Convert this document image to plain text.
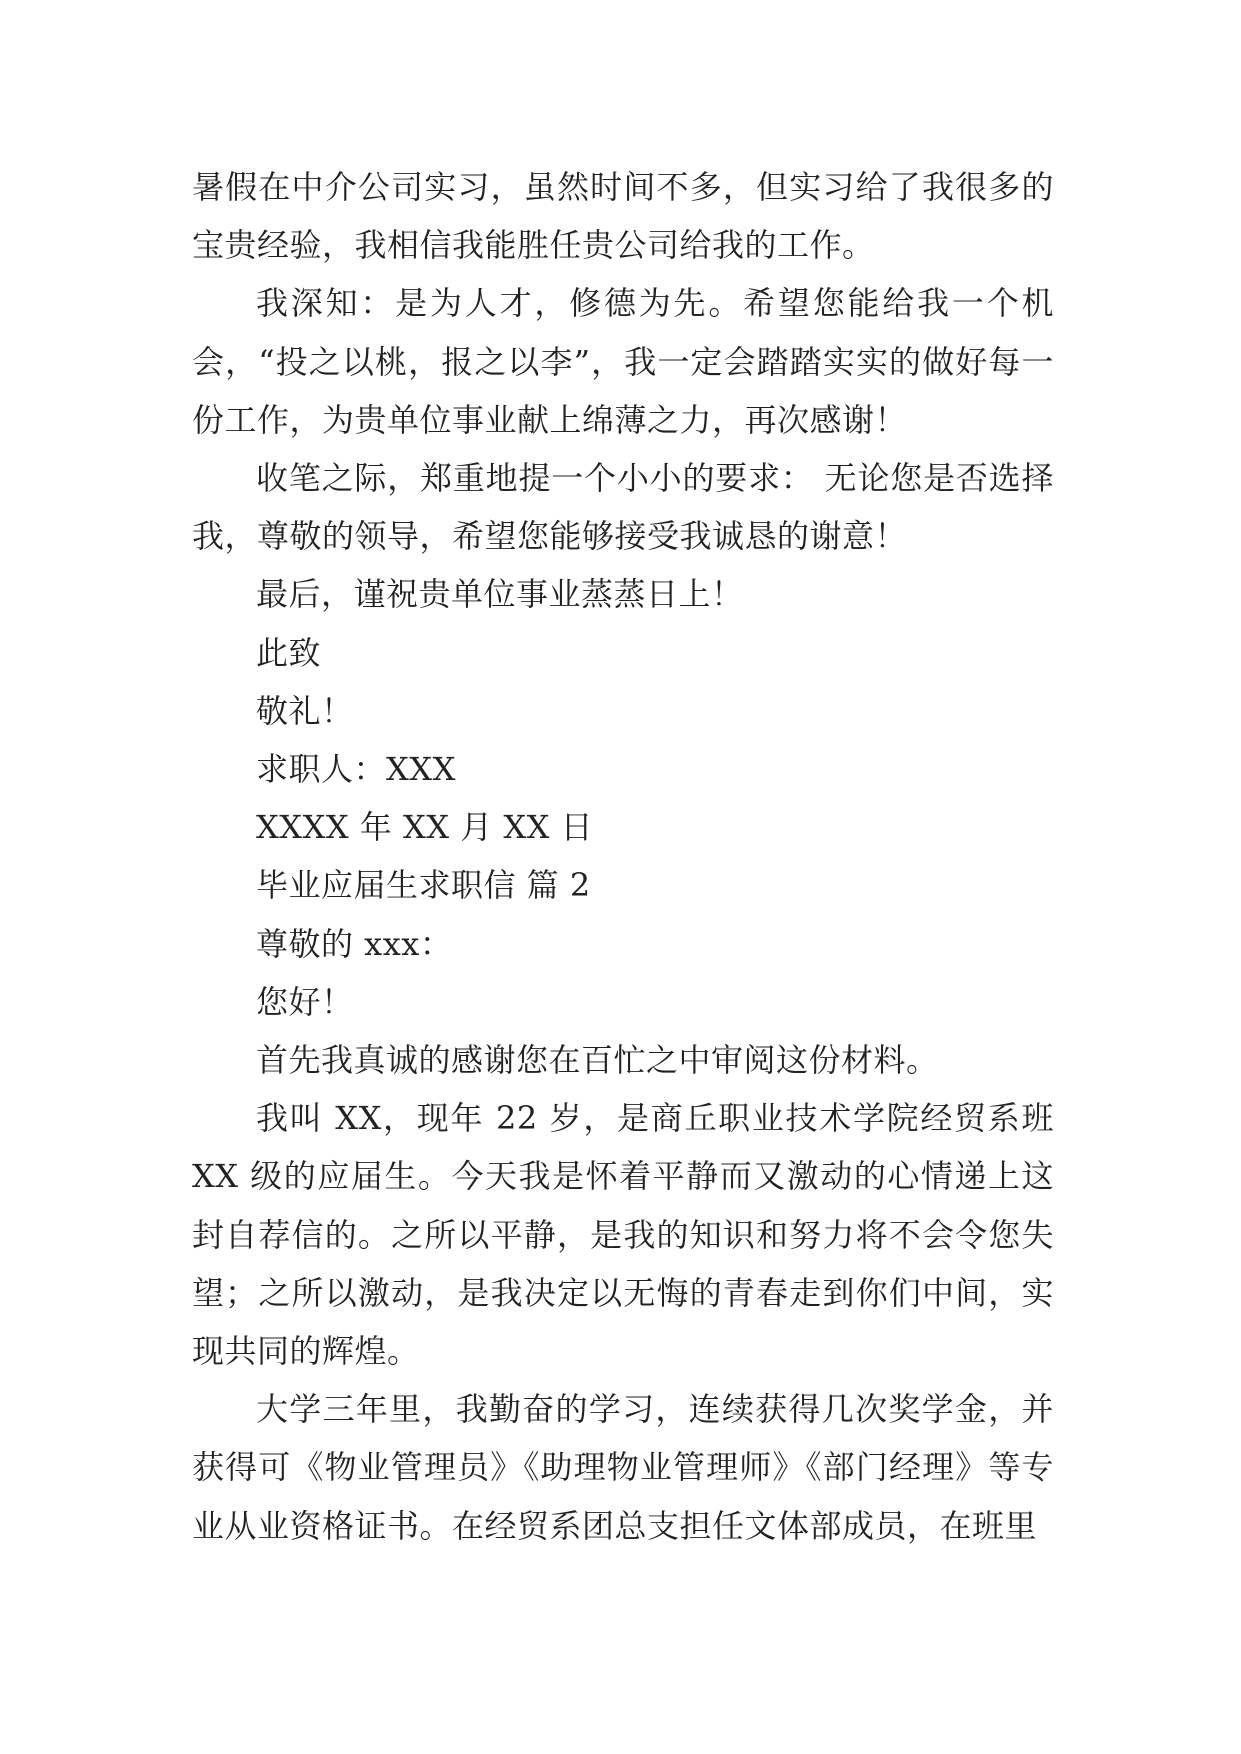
暑假在中介公司实习，虽然时间不多，但实习给了我很多的宝贵经验，我相信我能胜任贵公司给我的工作。

我深知：是为人才，修德为先。希望您能给我一个机会，“投之以桃，报之以李”，我一定会踏踏实实的做好每一份工作，为贵单位事业献上绵薄之力，再次感谢！

收笔之际，郑重地提一个小小的要求： 无论您是否选择我，尊敬的领导，希望您能够接受我诚恳的谢意！

最后，谨祝贵单位事业蒸蒸日上！

此致

敬礼！

求职人：XXX

XXXX 年 XX 月 XX 日

毕业应届生求职信 篇 2

尊敬的 xxx：

您好！

首先我真诚的感谢您在百忙之中审阅这份材料。

我叫 XX，现年 22 岁，是商丘职业技术学院经贸系班 XX 级的应届生。今天我是怀着平静而又激动的心情递上这封自荐信的。之所以平静，是我的知识和努力将不会令您失望；之所以激动，是我决定以无悔的青春走到你们中间，实现共同的辉煌。

大学三年里，我勤奋的学习，连续获得几次奖学金，并获得可《物业管理员》《助理物业管理师》《部门经理》等专业从业资格证书。在经贸系团总支担任文体部成员，在班里
